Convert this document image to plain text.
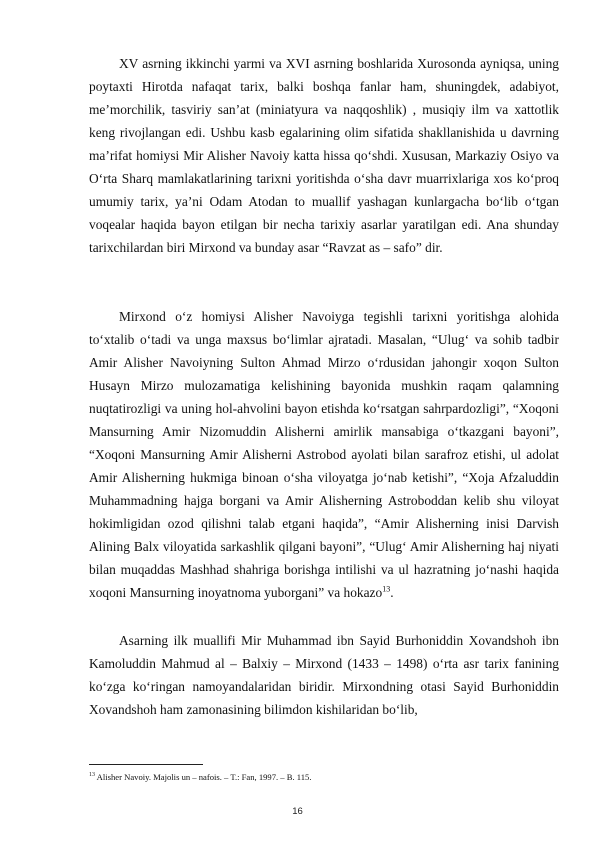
XV asrning ikkinchi yarmi va XVI asrning boshlarida Xurosonda ayniqsa, uning poytaxti Hirotda nafaqat tarix, balki boshqa fanlar ham, shuningdek, adabiyot, me’morchilik, tasviriy san’at (miniatyura va naqqoshlik) , musiqiy ilm va xattotlik keng rivojlangan edi. Ushbu kasb egalarining olim sifatida shakllanishida u davrning ma’rifat homiysi Mir Alisher Navoiy katta hissa qo‘shdi. Xususan, Markaziy Osiyo va O‘rta Sharq mamlakatlarining tarixni yoritishda o‘sha davr muarrixlariga xos ko‘proq umumiy tarix, ya’ni Odam Atodan to muallif yashagan kunlargacha bo‘lib o‘tgan voqealar haqida bayon etilgan bir necha tarixiy asarlar yaratilgan edi. Ana shunday tarixchilardan biri Mirxond va bunday asar “Ravzat as – safo” dir.

Mirxond o‘z homiysi Alisher Navoiyga tegishli tarixni yoritishga alohida to‘xtalib o‘tadi va unga maxsus bo‘limlar ajratadi. Masalan, “Ulug‘ va sohib tadbir Amir Alisher Navoiyning Sulton Ahmad Mirzo o‘rdusidan jahongir xoqon Sulton Husayn Mirzo mulozamatiga kelishining bayonida mushkin raqam qalamning nuqtatirozligi va uning hol-ahvolini bayon etishda ko‘rsatgan sahrpardozligi”, “Xoqoni Mansurning Amir Nizomuddin Alisherni amirlik mansabiga o‘tkazgani bayoni”, “Xoqoni Mansurning Amir Alisherni Astrobod ayolati bilan sarafroz etishi, ul adolat Amir Alisherning hukmiga binoan o‘sha viloyatga jo‘nab ketishi”, “Xoja Afzaluddin Muhammadning hajga borgani va Amir Alisherning Astroboddan kelib shu viloyat hokimligidan ozod qilishni talab etgani haqida”, “Amir Alisherning inisi Darvish Alining Balx viloyatida sarkashlik qilgani bayoni”, “Ulug‘ Amir Alisherning haj niyati bilan muqaddas Mashhad shahriga borishga intilishi va ul hazratning jo‘nashi haqida xoqoni Mansurning inoyatnoma yuborgani” va hokazo$^{13}$.

Asarning ilk muallifi Mir Muhammad ibn Sayid Burhoniddin Xovandshoh ibn Kamoluddin Mahmud al – Balxiy – Mirxond (1433 – 1498) o‘rta asr tarix fanining ko‘zga ko‘ringan namoyandalaridan biridir. Mirxondning otasi Sayid Burhoniddin Xovandshoh ham zamonasining bilimdon kishilaridan bo‘lib,

$^{13}$ Alisher Navoiy. Majolis un – nafois. – T.: Fan, 1997. – B. 115.
16
